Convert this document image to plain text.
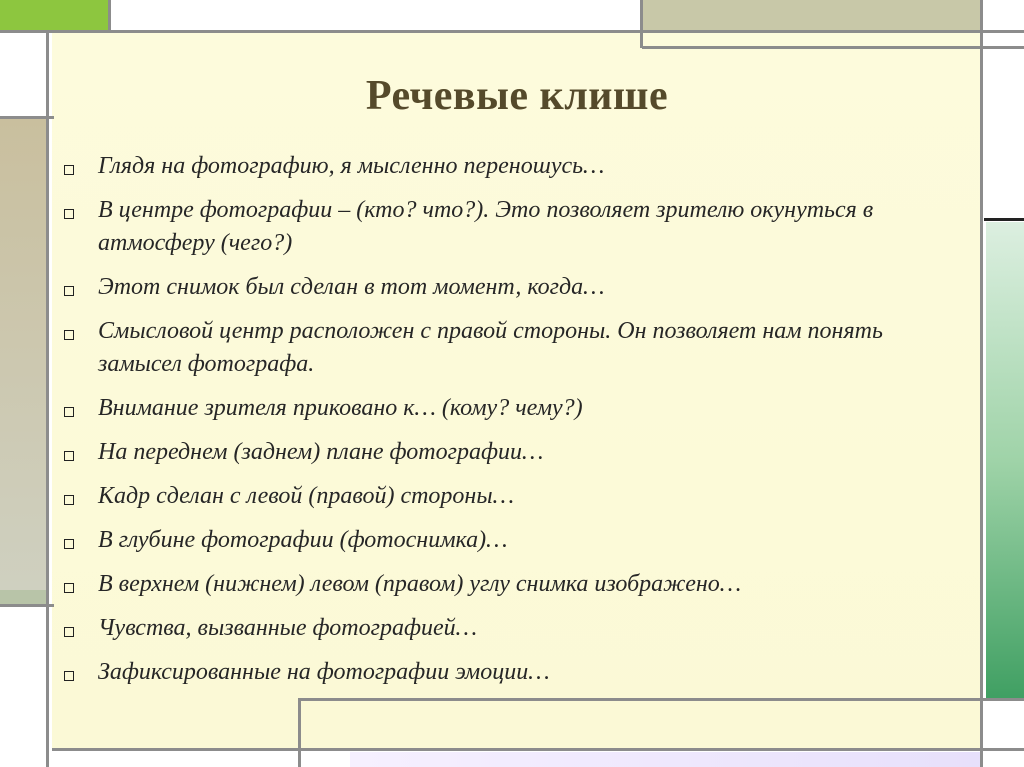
Речевые клише
Глядя на фотографию, я мысленно переношусь…
В центре фотографии – (кто? что?). Это позволяет зрителю окунуться в атмосферу (чего?)
Этот снимок был сделан в тот момент, когда…
Смысловой центр расположен с правой стороны. Он позволяет нам понять замысел фотографа.
Внимание зрителя приковано к… (кому? чему?)
На переднем (заднем) плане фотографии…
Кадр сделан с левой (правой) стороны…
В глубине фотографии (фотоснимка)…
В верхнем (нижнем) левом (правом) углу снимка изображено…
Чувства, вызванные фотографией…
Зафиксированные на фотографии эмоции…
